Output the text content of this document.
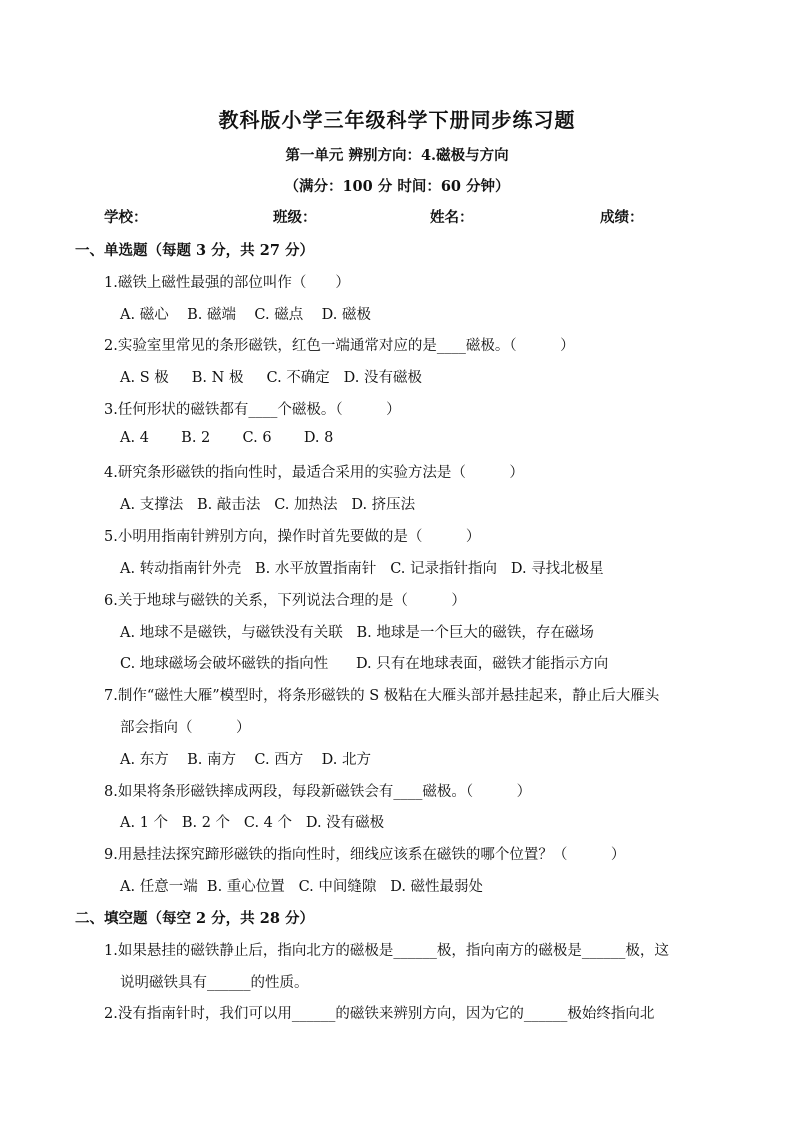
教科版小学三年级科学下册同步练习题
第一单元 辨别方向：4.磁极与方向
（满分：100 分 时间：60 分钟）
学校：	班级：	姓名：	成绩：
一、单选题（每题 3 分，共 27 分）
1.磁铁上磁性最强的部位叫作（　　）
A. 磁心    B. 磁端    C. 磁点    D. 磁极
2.实验室里常见的条形磁铁，红色一端通常对应的是____磁极。（　　　）
A. S 极     B. N 极     C. 不确定   D. 没有磁极
3.任何形状的磁铁都有____个磁极。（　　　）
A. 4       B. 2       C. 6       D. 8
4.研究条形磁铁的指向性时，最适合采用的实验方法是（　　　）
A. 支撑法   B. 敲击法   C. 加热法   D. 挤压法
5.小明用指南针辨别方向，操作时首先要做的是（　　　）
A. 转动指南针外壳   B. 水平放置指南针   C. 记录指针指向   D. 寻找北极星
6.关于地球与磁铁的关系，下列说法合理的是（　　　）
A. 地球不是磁铁，与磁铁没有关联   B. 地球是一个巨大的磁铁，存在磁场
C. 地球磁场会破坏磁铁的指向性      D. 只有在地球表面，磁铁才能指示方向
7.制作“磁性大雁”模型时，将条形磁铁的 S 极粘在大雁头部并悬挂起来，静止后大雁头
部会指向（　　　）
A. 东方    B. 南方    C. 西方    D. 北方
8.如果将条形磁铁摔成两段，每段新磁铁会有____磁极。（　　　）
A. 1 个   B. 2 个   C. 4 个   D. 没有磁极
9.用悬挂法探究蹄形磁铁的指向性时，细线应该系在磁铁的哪个位置？（　　　）
A. 任意一端  B. 重心位置   C. 中间缝隙   D. 磁性最弱处
二、填空题（每空 2 分，共 28 分）
1.如果悬挂的磁铁静止后，指向北方的磁极是______极，指向南方的磁极是______极，这
说明磁铁具有______的性质。
2.没有指南针时，我们可以用______的磁铁来辨别方向，因为它的______极始终指向北
